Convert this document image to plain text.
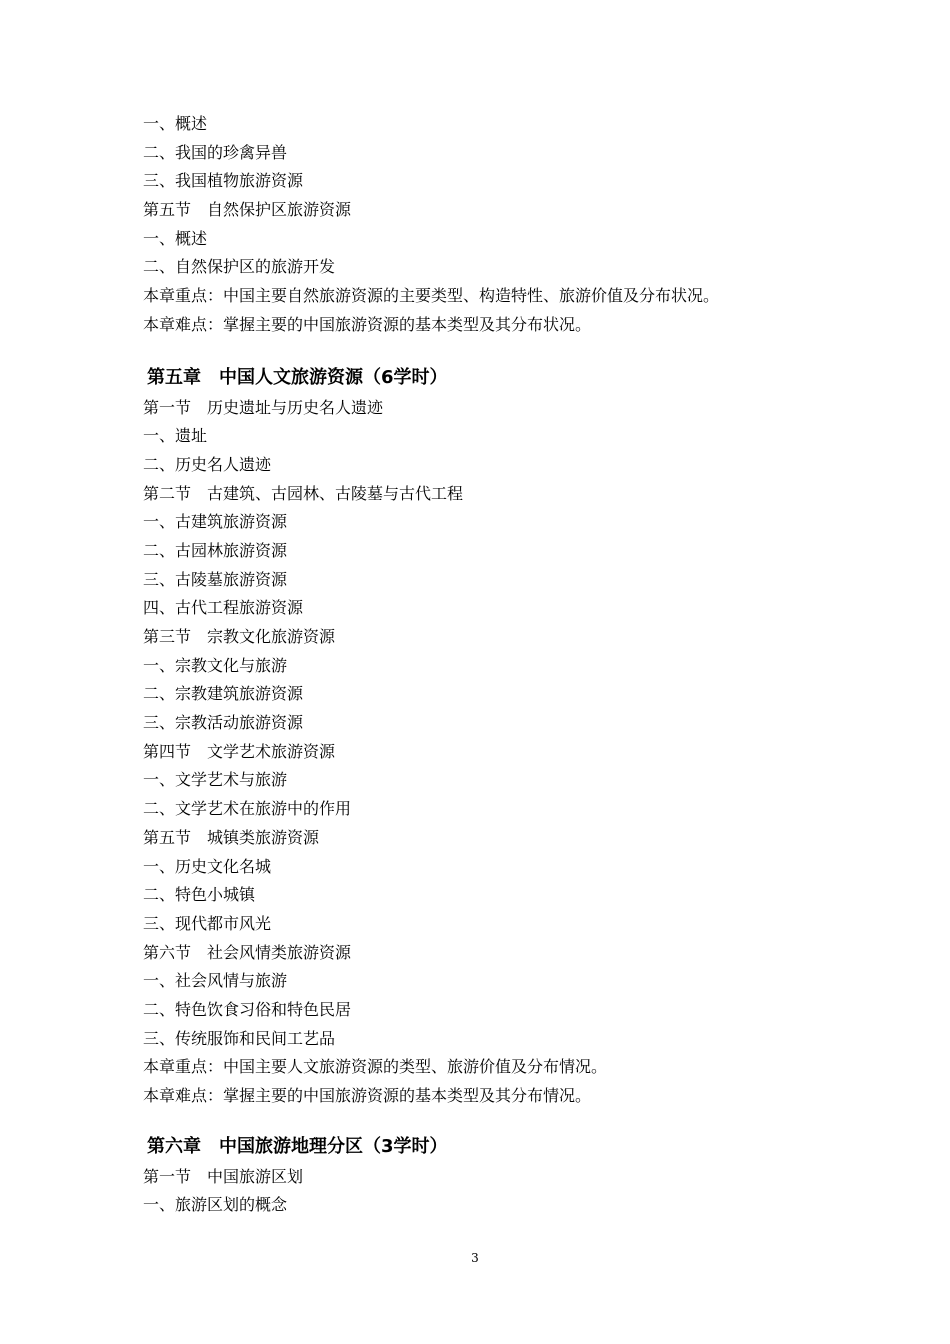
一、概述
二、我国的珍禽异兽
三、我国植物旅游资源
第五节　自然保护区旅游资源
一、概述
二、自然保护区的旅游开发
本章重点：中国主要自然旅游资源的主要类型、构造特性、旅游价值及分布状况。
本章难点：掌握主要的中国旅游资源的基本类型及其分布状况。
第五章　中国人文旅游资源（6学时）
第一节　历史遗址与历史名人遗迹
一、遗址
二、历史名人遗迹
第二节　古建筑、古园林、古陵墓与古代工程
一、古建筑旅游资源
二、古园林旅游资源
三、古陵墓旅游资源
四、古代工程旅游资源
第三节　宗教文化旅游资源
一、宗教文化与旅游
二、宗教建筑旅游资源
三、宗教活动旅游资源
第四节　文学艺术旅游资源
一、文学艺术与旅游
二、文学艺术在旅游中的作用
第五节　城镇类旅游资源
一、历史文化名城
二、特色小城镇
三、现代都市风光
第六节　社会风情类旅游资源
一、社会风情与旅游
二、特色饮食习俗和特色民居
三、传统服饰和民间工艺品
本章重点：中国主要人文旅游资源的类型、旅游价值及分布情况。
本章难点：掌握主要的中国旅游资源的基本类型及其分布情况。
第六章　中国旅游地理分区（3学时）
第一节　中国旅游区划
一、旅游区划的概念
3
